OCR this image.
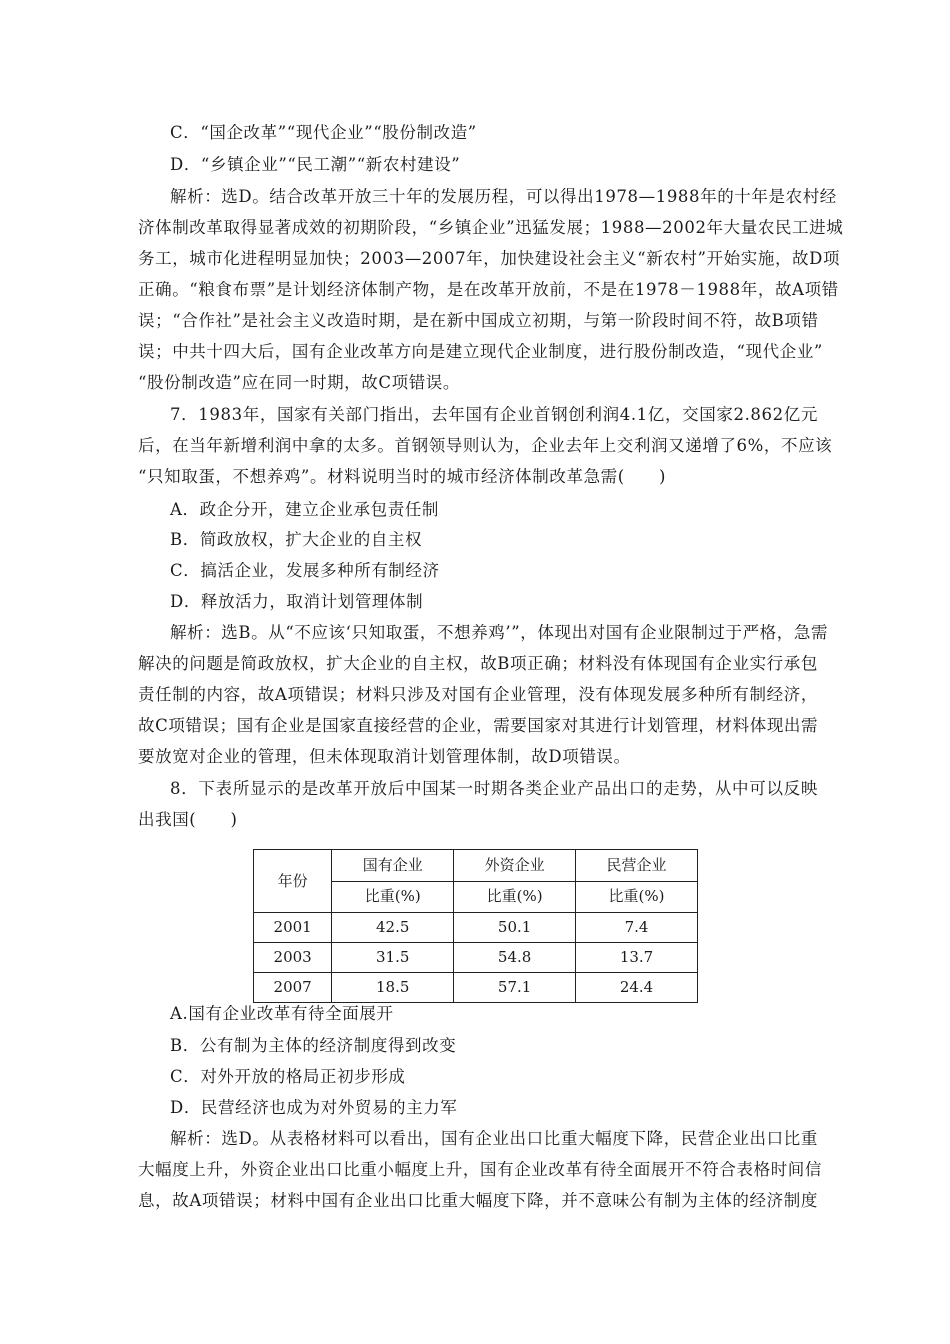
C．“国企改革”“现代企业”“股份制改造”
D．“乡镇企业”“民工潮”“新农村建设”
解析：选D。结合改革开放三十年的发展历程，可以得出1978—1988年的十年是农村经
济体制改革取得显著成效的初期阶段，“乡镇企业”迅猛发展；1988—2002年大量农民工进城
务工，城市化进程明显加快；2003—2007年，加快建设社会主义“新农村”开始实施，故D项
正确。“粮食布票”是计划经济体制产物，是在改革开放前，不是在1978－1988年，故A项错
误；“合作社”是社会主义改造时期，是在新中国成立初期，与第一阶段时间不符，故B项错
误；中共十四大后，国有企业改革方向是建立现代企业制度，进行股份制改造，“现代企业”
“股份制改造”应在同一时期，故C项错误。
7．1983年，国家有关部门指出，去年国有企业首钢创利润4.1亿，交国家2.862亿元
后，在当年新增利润中拿的太多。首钢领导则认为，企业去年上交利润又递增了6%，不应该
“只知取蛋，不想养鸡”。材料说明当时的城市经济体制改革急需(　　)
A．政企分开，建立企业承包责任制
B．简政放权，扩大企业的自主权
C．搞活企业，发展多种所有制经济
D．释放活力，取消计划管理体制
解析：选B。从“不应该‘只知取蛋，不想养鸡’”，体现出对国有企业限制过于严格，急需
解决的问题是简政放权，扩大企业的自主权，故B项正确；材料没有体现国有企业实行承包
责任制的内容，故A项错误；材料只涉及对国有企业管理，没有体现发展多种所有制经济，
故C项错误；国有企业是国家直接经营的企业，需要国家对其进行计划管理，材料体现出需
要放宽对企业的管理，但未体现取消计划管理体制，故D项错误。
8．下表所显示的是改革开放后中国某一时期各类企业产品出口的走势，从中可以反映
出我国(　　)
年份	国有企业	外资企业	民营企业
	比重(%)	比重(%)	比重(%)
2001	42.5	50.1	7.4
2003	31.5	54.8	13.7
2007	18.5	57.1	24.4
A.国有企业改革有待全面展开
B．公有制为主体的经济制度得到改变
C．对外开放的格局正初步形成
D．民营经济也成为对外贸易的主力军
解析：选D。从表格材料可以看出，国有企业出口比重大幅度下降，民营企业出口比重
大幅度上升，外资企业出口比重小幅度上升，国有企业改革有待全面展开不符合表格时间信
息，故A项错误；材料中国有企业出口比重大幅度下降，并不意味公有制为主体的经济制度
